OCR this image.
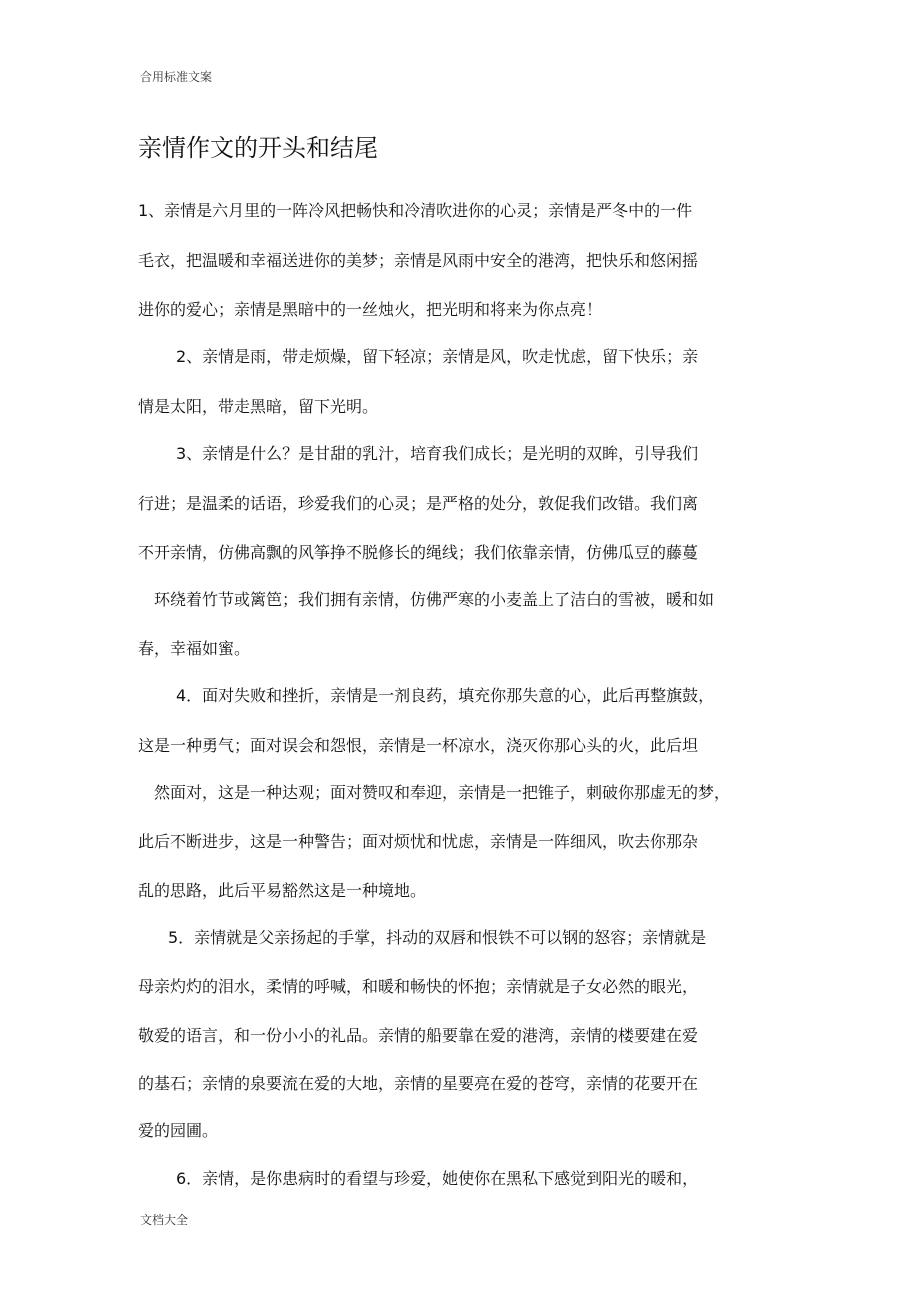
合用标准文案
亲情作文的开头和结尾
1、亲情是六月里的一阵冷风把畅快和冷清吹进你的心灵；亲情是严冬中的一件
毛衣，把温暖和幸福送进你的美梦；亲情是风雨中安全的港湾，把快乐和悠闲摇
进你的爱心；亲情是黑暗中的一丝烛火，把光明和将来为你点亮！
2、亲情是雨，带走烦燥，留下轻凉；亲情是风，吹走忧虑，留下快乐；亲
情是太阳，带走黑暗，留下光明。
3、亲情是什么？是甘甜的乳汁，培育我们成长；是光明的双眸，引导我们
行进；是温柔的话语，珍爱我们的心灵；是严格的处分，敦促我们改错。我们离
不开亲情，仿佛高飘的风筝挣不脱修长的绳线；我们依靠亲情，仿佛瓜豆的藤蔓
环绕着竹节或篱笆；我们拥有亲情，仿佛严寒的小麦盖上了洁白的雪被，暖和如
春，幸福如蜜。
4．面对失败和挫折，亲情是一剂良药，填充你那失意的心，此后再整旗鼓，
这是一种勇气；面对误会和怨恨，亲情是一杯凉水，浇灭你那心头的火，此后坦
然面对，这是一种达观；面对赞叹和奉迎，亲情是一把锥子，刺破你那虚无的梦，
此后不断进步，这是一种警告；面对烦忧和忧虑，亲情是一阵细风，吹去你那杂
乱的思路，此后平易豁然这是一种境地。
5．亲情就是父亲扬起的手掌，抖动的双唇和恨铁不可以钢的怒容；亲情就是
母亲灼灼的泪水，柔情的呼喊，和暖和畅快的怀抱；亲情就是子女必然的眼光，
敬爱的语言，和一份小小的礼品。亲情的船要靠在爱的港湾，亲情的楼要建在爱
的基石；亲情的泉要流在爱的大地，亲情的星要亮在爱的苍穹，亲情的花要开在
爱的园圃。
6．亲情，是你患病时的看望与珍爱，她使你在黑私下感觉到阳光的暖和，
文档大全
